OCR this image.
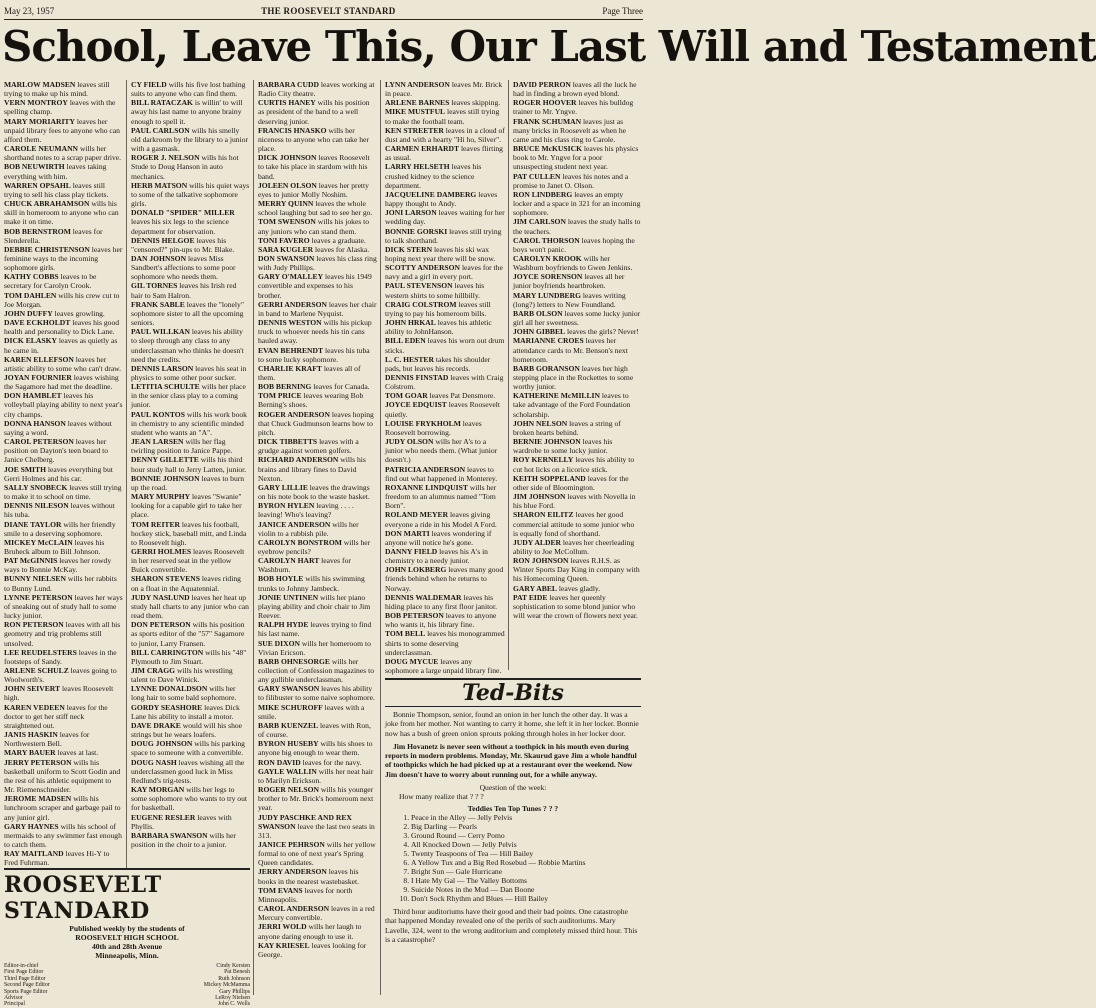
May 23, 1957	THE ROOSEVELT STANDARD	Page Three
School, Leave This, Our Last Will and Testament

MARLOW MADSEN leaves still trying to make up his mind.

VERN MONTROY leaves with the spelling champ.

MARY MORIARITY leaves her unpaid library fees to anyone who can afford them.

CAROLE NEUMANN wills her shorthand notes to a scrap paper drive.

BOB NEUWIRTH leaves taking everything with him.

WARREN OPSAHL leaves still trying to sell his class play tickets.

CHUCK ABRAHAMSON wills his skill in homeroom to anyone who can make it on time.

BOB BERNSTROM leaves for Slenderella.

DEBBIE CHRISTENSON leaves her feminine ways to the incoming sophomore girls.

KATHY COBBS leaves to be secretary for Carolyn Crook.

TOM DAHLEN wills his crew cut to Joe Morgan.

JOHN DUFFY leaves growling.

DAVE ECKHOLDT leaves his good health and personality to Dick Lane.

DICK ELASKY leaves as quietly as he came in.

KAREN ELLEFSON leaves her artistic ability to some who can't draw.

JOYAN FOURNIER leaves wishing the Sagamore had met the deadline.

DON HAMBLET leaves his volleyball playing ability to next year's city champs.

DONNA HANSON leaves without saying a word.

CAROL PETERSON leaves her position on Dayton's teen board to Janice Chelberg.

JOE SMITH leaves everything but Gerri Holmes and his car.

SALLY SNOBECK leaves still trying to make it to school on time.

DENNIS NILESON leaves without his tuba.

DIANE TAYLOR wills her friendly smile to a deserving sophomore.

MICKEY McCLAIN leaves his Bruheck album to Bill Johnson.

PAT McGINNIS leaves her rowdy ways to Bonnie McKay.

BUNNY NIELSEN wills her rabbits to Bunny Lund.

LYNNE PETERSON leaves her ways of sneaking out of study hall to some lucky junior.

RON PETERSON leaves with all his geometry and trig problems still unsolved.

LEE REUDELSTERS leaves in the footsteps of Sandy.

ARLENE SCHULZ leaves going to Woolworth's.

JOHN SEIVERT leaves Roosevelt high.

KAREN VEDEEN leaves for the doctor to get her stiff neck straightened out.

JANIS HASKIN leaves for Northwestern Bell.

MARY BAUER leaves at last.

JERRY PETERSON wills his basketball uniform to Scott Godin and the rest of his athletic equipment to Mr. Riemenschneider.

JEROME MADSEN wills his lunchroom scraper and garbage pail to any junior girl.

GARY HAYNES wills his school of mermaids to any swimmer fast enough to catch them.

RAY MAITLAND leaves Hi-Y to Fred Fuhrman.

CY FIELD wills his five lost bathing suits to anyone who can find them.

BILL RATACZAK is willin' to will away his last name to anyone brainy enough to spell it.

PAUL CARLSON wills his smelly old darkroom by the library to a junior with a gasmask.

ROGER J. NELSON wills his hot Stude to Doug Hanson in auto mechanics.

HERB MATSON wills his quiet ways to some of the talkative sophomore girls.

DONALD "SPIDER" MILLER leaves his six legs to the science department for observation.

DENNIS HELGOE leaves his "censored?" pin-ups to Mr. Blake.

DAN JOHNSON leaves Miss Sandbert's affections to some poor sophomore who needs them.

GIL TORNES leaves his Irish red hair to Sam Halron.

FRANK SABLE leaves the "lonely" sophomore sister to all the upcoming seniors.

PAUL WILLKAN leaves his ability to sleep through any class to any underclassman who thinks he doesn't need the credits.

DENNIS LARSON leaves his seat in physics to some other poor sucker.

LETITIA SCHULTE wills her place in the senior class play to a coming junior.

PAUL KONTOS wills his work book in chemistry to any scientific minded student who wants an "A".

JEAN LARSEN wills her flag twirling position to Janice Pappe.

DENNY GILLETTE wills his third hour study hall to Jerry Latten, junior.

BONNIE JOHNSON leaves to burn up the road.

MARY MURPHY leaves "Swanie" looking for a capable girl to take her place.

TOM REITER leaves his football, hockey stick, baseball mitt, and Linda to Roosevelt high.

GERRI HOLMES leaves Roosevelt in her reserved seat in the yellow Buick convertible.

SHARON STEVENS leaves riding on a float in the Aquatennial.

JUDY NASLUND leaves her heat up study hall charts to any junior who can read them.

DON PETERSON wills his position as sports editor of the "57" Sagamore to junior, Larry Fransen.

BILL CARRINGTON wills his "48" Plymouth to Jim Stuart.

JIM CRAGG wills his wrestling talent to Dave Winick.

LYNNE DONALDSON wills her long hair to some bald sophomore.

GORDY SEASHORE leaves Dick Lane his ability to install a motor.

DAVE DRAKE would will his shoe strings but he wears loafers.

DOUG JOHNSON wills his parking space to someone with a convertible.

DOUG NASH leaves wishing all the underclassmen good luck in Miss Redlund's trig-tests.

KAY MORGAN wills her legs to some sophomore who wants to try out for basketball.

EUGENE RESLER leaves with Phyllis.

BARBARA SWANSON wills her position in the choir to a junior.

BARBARA CUDD leaves working at Radio City theatre.

CURTIS HANEY wills his position as president of the band to a well deserving junior.

FRANCIS HNASKO wills her niceness to anyone who can take her place.

DICK JOHNSON leaves Roosevelt to take his place in stardom with his band.

JOLEEN OLSON leaves her pretty eyes to junior Molly Noshim.

MERRY QUINN leaves the whole school laughing but sad to see her go.

TOM SWENSON wills his jokes to any juniors who can stand them.

TONI FAVERO leaves a graduate.

SARA KUGLER leaves for Alaska.

DON SWANSON leaves his class ring with Judy Phillips.

GARY O'MALLEY leaves his 1949 convertible and expenses to his brother.

GERRI ANDERSON leaves her chair in band to Marlene Nyquist.

DENNIS WESTON wills his pickup truck to whoever needs his tin cans hauled away.

EVAN BEHRENDT leaves his tuba to some lucky sophomore.

CHARLIE KRAFT leaves all of them.

BOB BERNING leaves for Canada.

TOM PRICE leaves wearing Bob Berning's shoes.

ROGER ANDERSON leaves hoping that Chuck Gudmunson learns how to pitch.

DICK TIBBETTS leaves with a grudge against women golfers.

RICHARD ANDERSON wills his brains and library fines to David Nexton.

GARY LILLIE leaves the drawings on his note book to the waste basket.

BYRON HYLEN leaving . . . . leaving! Who's leaving?

JANICE ANDERSON wills her violin to a rubbish pile.

CAROLYN BONSTROM wills her eyebrow pencils?

CAROLYN HART leaves for Washburn.

BOB HOYLE wills his swimming trunks to Johnny Jambeck.

JONIE UNTINEN wills her piano playing ability and choir chair to Jim Reever.

RALPH HYDE leaves trying to find his last name.

SUE DIXON wills her homeroom to Vivian Ericson.

BARB OHNESORGE wills her collection of Confession magazines to any gullible underclassman.

GARY SWANSON leaves his ability to filibuster to some naive sophomore.

MIKE SCHUROFF leaves with a smile.

BARB KUENZEL leaves with Ron, of course.

BYRON HUSEBY wills his shoes to anyone big enough to wear them.

RON DAVID leaves for the navy.

GAYLE WALLIN wills her neat hair to Marilyn Erickson.

ROGER NELSON wills his younger brother to Mr. Brick's homeroom next year.

JUDY PASCHKE AND REX SWANSON leave the last two seats in 313.

JANICE PEHRSON wills her yellow formal to one of next year's Spring Queen candidates.

JERRY ANDERSON leaves his books in the nearest wastebasket.

TOM EVANS leaves for north Minneapolis.

CAROL ANDERSON leaves in a red Mercury convertible.

JERRI WOLD wills her laugh to anyone daring enough to use it.

KAY KRIESEL leaves looking for George.

LYNN ANDERSON leaves Mr. Brick in peace.

ARLENE BARNES leaves skipping.

MIKE MUSTFUL leaves still trying to make the football team.

KEN STREETER leaves in a cloud of dust and with a hearty "Hi ho, Silver".

CARMEN ERHARDT leaves flirting as usual.

LARRY HELSETH leaves his crushed kidney to the science department.

JACQUELINE DAMBERG leaves happy thought to Andy.

JONI LARSON leaves waiting for her wedding day.

BONNIE GORSKI leaves still trying to talk shorthand.

DICK STERN leaves his ski wax hoping next year there will be snow.

SCOTTY ANDERSON leaves for the navy and a girl in every port.

PAUL STEVENSON leaves his western shirts to some hillbilly.

CRAIG COLSTROM leaves still trying to pay his homeroom bills.

JOHN HRKAL leaves his athletic ability to JohnHanson.

BILL EDEN leaves his worn out drum sticks.

L. C. HESTER takes his shoulder pads, but leaves his records.

DENNIS FINSTAD leaves with Craig Colstrom.

TOM GOAR leaves Pat Densmore.

JOYCE EDQUIST leaves Roosevelt quietly.

LOUISE FRYKHOLM leaves Roosevelt borrowing.

JUDY OLSON wills her A's to a junior who needs them. (What junior doesn't.)

PATRICIA ANDERSON leaves to find out what happened in Monterey.

ROXANNE LINDQUIST wills her freedom to an alumnus named "Tom Born".

ROLAND MEYER leaves giving everyone a ride in his Model A Ford.

DON MARTI leaves wondering if anyone will notice he's gone.

DANNY FIELD leaves his A's in chemistry to a needy junior.

JOHN LOKBERG leaves many good friends behind when he returns to Norway.

DENNIS WALDEMAR leaves his hiding place to any first floor janitor.

BOB PETERSON leaves to anyone who wants it, his library fine.

TOM BELL leaves his monogrammed shirts to some deserving underclassman.

DOUG MYCUE leaves any sophomore a large unpaid library fine.

DAVID PERRON leaves all the luck he had in finding a brown eyed blond.

ROGER HOOVER leaves his bulldog trainer to Mr. Yngve.

FRANK SCHUMAN leaves just as many bricks in Roosevelt as when he came and his class ring to Carole.

BRUCE McKUSICK leaves his physics book to Mr. Yngve for a poor unsuspecting student next year.

PAT CULLEN leaves his notes and a promise to Janet O. Olson.

RON LINDBERG leaves an empty locker and a space in 321 for an incoming sophomore.

JIM CARLSON leaves the study halls to the teachers.

CAROL THORSON leaves hoping the boys won't panic.

CAROLYN KROOK wills her Washburn boyfriends to Gwen Jenkins.

JOYCE SORENSON leaves all her junior boyfriends heartbroken.

MARY LUNDBERG leaves writing (long?) letters to New Foundland.

BARB OLSON leaves some lucky junior girl all her sweetness.

JOHN GIBBEL leaves the girls? Never!

MARIANNE CROES leaves her attendance cards to Mr. Benson's next homeroom.

BARB GORANSON leaves her high stepping place in the Rockettes to some worthy junior.

KATHERINE McMILLIN leaves to take advantage of the Ford Foundation scholarship.

JOHN NELSON leaves a string of broken hearts behind.

BERNIE JOHNSON leaves his wardrobe to some lucky junior.

ROY KERNELLY leaves his ability to cut hot licks on a licorice stick.

KEITH SOPPELAND leaves for the other side of Bloomington.

JIM JOHNSON leaves with Novella in his blue Ford.

SHARON EILITZ leaves her good commercial attitude to some junior who is equally fond of shorthand.

JUDY ALDER leaves her cheerleading ability to Joe McCollum.

RON JOHNSON leaves R.H.S. as Winter Sports Day King in company with his Homecoming Queen.

GARY ABEL leaves gladly.

PAT EIDE leaves her queenly sophistication to some blond junior who will wear the crown of flowers next year.

ROOSEVELT STANDARD
Published weekly by the students of
ROOSEVELT HIGH SCHOOL
40th and 28th Avenue
Minneapolis, Minn.
Editor-in-chief	Cindy Kersten
First Page Editor	Pat Benesh
Third Page Editor	Ruth Johnson
Second Page Editor	Mickey McMamma
Sports Page Editor	Gary Phillips
Advisor	LeRoy Nielsen
Principal	John C. Wells
Ted-Bits

Bonnie Thompson, senior, found an onion in her lunch the other day. It was a joke from her mother. Not wanting to carry it home, she left it in her locker. Bonnie now has a bush of green onion sprouts poking through holes in her locker door.

Jim Hovanetz is never seen without a toothpick in his mouth even during reports in modern problems. Monday, Mr. Skaurud gave Jim a whole handful of toothpicks which he had picked up at a restaurant over the weekend. Now Jim doesn't have to worry about running out, for a while anyway.

Question of the week:
How many realize that ? ? ?
Teddies Ten Top Tunes ? ? ?
1. Peace in the Alley — Jelly Pelvis
2. Big Darling — Pearls
3. Ground Round — Cerry Pomo
4. All Knocked Down — Jelly Pelvis
5. Twenty Teaspoons of Tea — Hill Bailey
6. A Yellow Tux and a Big Red Rosebud — Robbie Martins
7. Bright Sun — Gale Hurricane
8. I Hate My Gal — The Valley Bottoms
9. Suicide Notes in the Mud — Dan Boone
10. Don't Sock Rhythm and Blues — Hill Bailey

Third hour auditoriums have their good and their bad points. One catastrophe that happened Monday revealed one of the perils of such auditoriums. Mary Lavelle, 324, went to the wrong auditorium and completely missed third hour. This is a catastrophe?
